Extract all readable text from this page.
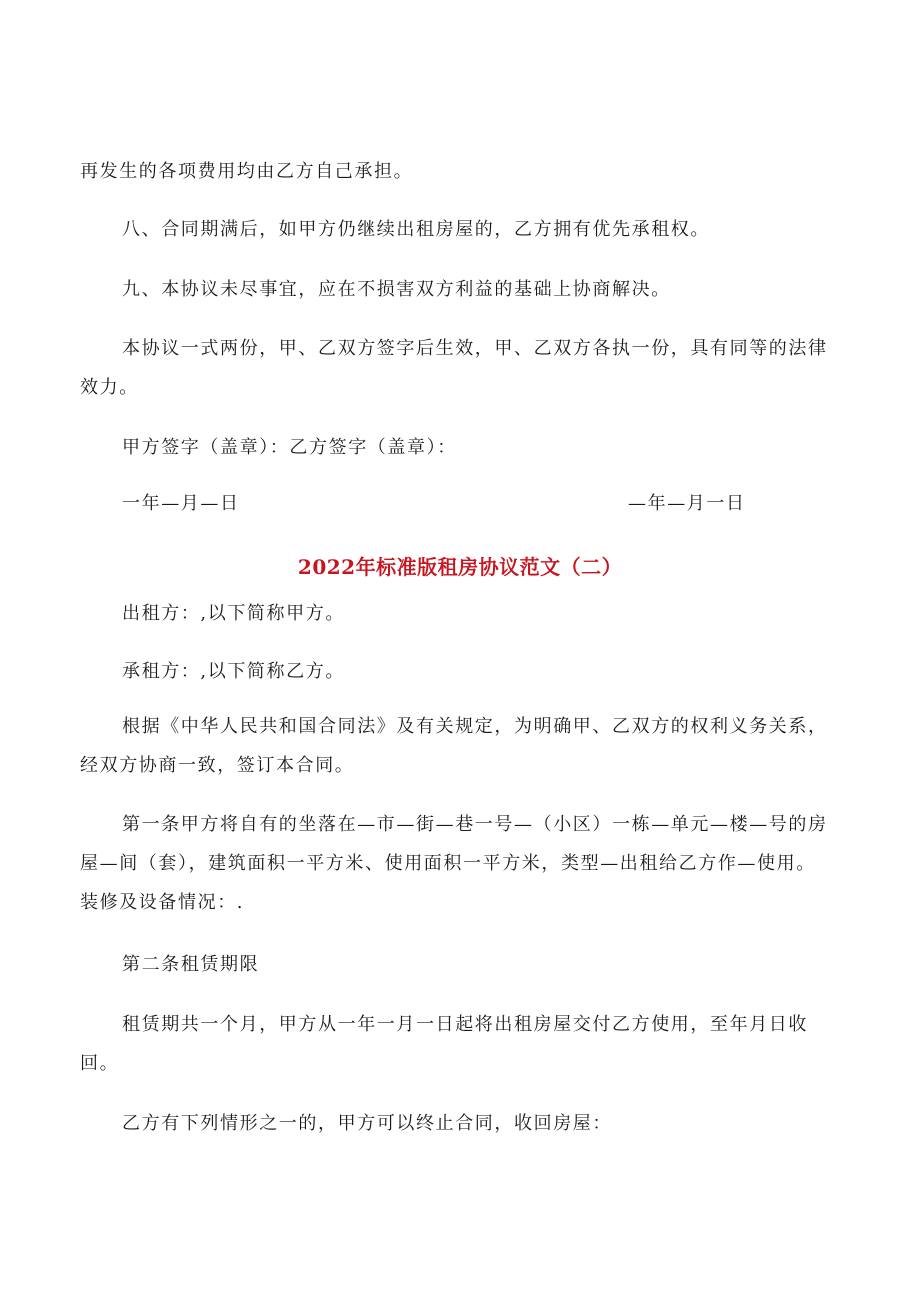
再发生的各项费用均由乙方自己承担。

八、合同期满后，如甲方仍继续出租房屋的，乙方拥有优先承租权。

九、本协议未尽事宜，应在不损害双方利益的基础上协商解决。

本协议一式两份，甲、乙双方签字后生效，甲、乙双方各执一份，具有同等的法律效力。

甲方签字（盖章）：乙方签字（盖章）：

一年—月—日	—年—月一日
2022年标准版租房协议范文（二）

出租方：,以下简称甲方。

承租方：,以下简称乙方。

根据《中华人民共和国合同法》及有关规定，为明确甲、乙双方的权利义务关系，经双方协商一致，签订本合同。

第一条甲方将自有的坐落在—市—街—巷一号—（小区）一栋—单元—楼—号的房屋—间（套），建筑面积一平方米、使用面积一平方米，类型—出租给乙方作—使用。装修及设备情况：.

第二条租赁期限

租赁期共一个月，甲方从一年一月一日起将出租房屋交付乙方使用，至年月日收回。

乙方有下列情形之一的，甲方可以终止合同，收回房屋：
